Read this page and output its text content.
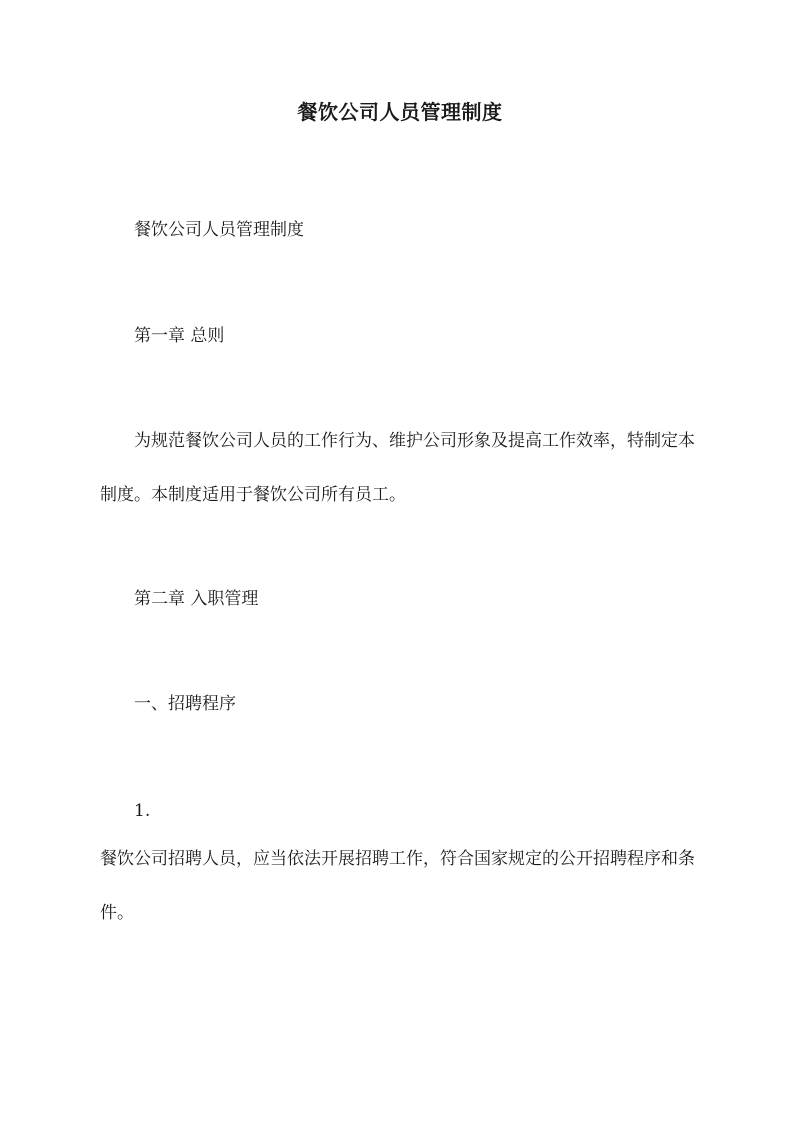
餐饮公司人员管理制度
餐饮公司人员管理制度
第一章 总则
为规范餐饮公司人员的工作行为、维护公司形象及提高工作效率，特制定本制度。本制度适用于餐饮公司所有员工。
第二章 入职管理
一、招聘程序
1.
餐饮公司招聘人员，应当依法开展招聘工作，符合国家规定的公开招聘程序和条件。
